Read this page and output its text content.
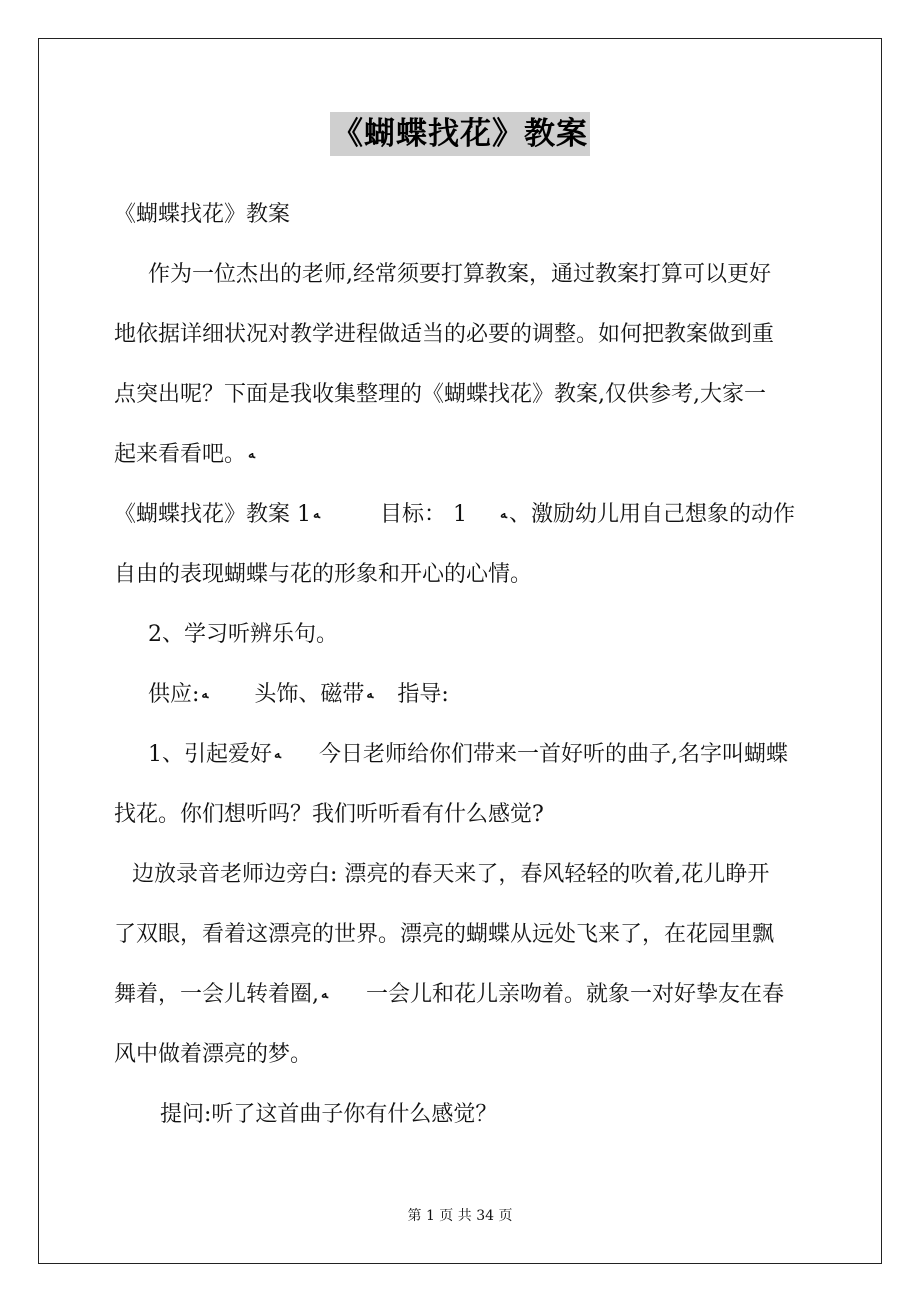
《蝴蝶找花》教案
《蝴蝶找花》教案
作为一位杰出的老师,经常须要打算教案，通过教案打算可以更好
地依据详细状况对教学进程做适当的必要的调整。如何把教案做到重
点突出呢？下面是我收集整理的《蝴蝶找花》教案,仅供参考,大家一
起来看看吧。 ﻪ
《蝴蝶找花》教案 1 ﻪ	目标： 1	ﻪ、激励幼儿用自己想象的动作
自由的表现蝴蝶与花的形象和开心的心情。
2、学习听辨乐句。
供应: ﻪ 头饰、磁带 ﻪ 指导:
1、引起爱好 ﻪ 今日老师给你们带来一首好听的曲子,名字叫蝴蝶
找花。你们想听吗？我们听听看有什么感觉?
边放录音老师边旁白: 漂亮的春天来了，春风轻轻的吹着,花儿睁开
了双眼，看着这漂亮的世界。漂亮的蝴蝶从远处飞来了，在花园里飘
舞着，一会儿转着圈, ﻪ 一会儿和花儿亲吻着。就象一对好挚友在春
风中做着漂亮的梦。
提问:听了这首曲子你有什么感觉？
第 1 页 共 34 页
